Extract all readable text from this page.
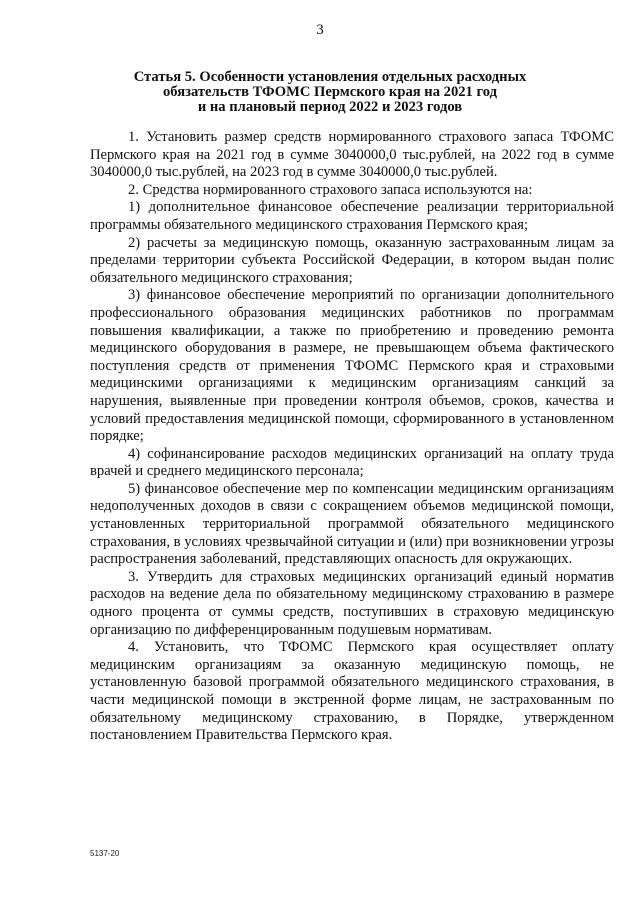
3
Статья 5. Особенности установления отдельных расходных
обязательств ТФОМС Пермского края на 2021 год
и на плановый период 2022 и 2023 годов

1. Установить размер средств нормированного страхового запаса ТФОМС Пермского края на 2021 год в сумме 3040000,0 тыс.рублей, на 2022 год в сумме 3040000,0 тыс.рублей, на 2023 год в сумме 3040000,0 тыс.рублей.

2. Средства нормированного страхового запаса используются на:

1) дополнительное финансовое обеспечение реализации территориальной программы обязательного медицинского страхования Пермского края;

2) расчеты за медицинскую помощь, оказанную застрахованным лицам за пределами территории субъекта Российской Федерации, в котором выдан полис обязательного медицинского страхования;

3) финансовое обеспечение мероприятий по организации дополнительного профессионального образования медицинских работников по программам повышения квалификации, а также по приобретению и проведению ремонта медицинского оборудования в размере, не превышающем объема фактического поступления средств от применения ТФОМС Пермского края и страховыми медицинскими организациями к медицинским организациям санкций за нарушения, выявленные при проведении контроля объемов, сроков, качества и условий предоставления медицинской помощи, сформированного в установленном порядке;

4) софинансирование расходов медицинских организаций на оплату труда врачей и среднего медицинского персонала;

5) финансовое обеспечение мер по компенсации медицинским организациям недополученных доходов в связи с сокращением объемов медицинской помощи, установленных территориальной программой обязательного медицинского страхования, в условиях чрезвычайной ситуации и (или) при возникновении угрозы распространения заболеваний, представляющих опасность для окружающих.

3. Утвердить для страховых медицинских организаций единый норматив расходов на ведение дела по обязательному медицинскому страхованию в размере одного процента от суммы средств, поступивших в страховую медицинскую организацию по дифференцированным подушевым нормативам.

4. Установить, что ТФОМС Пермского края осуществляет оплату медицинским организациям за оказанную медицинскую помощь, не установленную базовой программой обязательного медицинского страхования, в части медицинской помощи в экстренной форме лицам, не застрахованным по обязательному медицинскому страхованию, в Порядке, утвержденном постановлением Правительства Пермского края.

5137-20
